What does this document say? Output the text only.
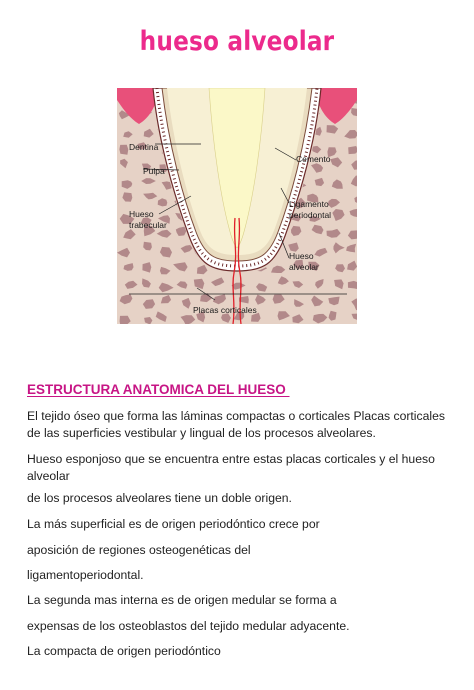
hueso alveolar
Dentina
Pulpa
Hueso
trabecular
Cemento
Ligamento
periodontal
Hueso
alveolar
Placas corticales
ESTRUCTURA ANATOMICA DEL HUESO
El tejido óseo que forma las láminas compactas o corticales Placas corticales de las superficies vestibular y lingual de los procesos alveolares.
Hueso esponjoso que se encuentra entre estas placas corticales y el hueso alveolar
de los procesos alveolares tiene un doble origen.
La más superficial es de origen periodóntico crece por
aposición de regiones osteogenéticas del
ligamentoperiodontal.
La segunda mas interna es de origen medular se forma a
expensas de los osteoblastos del tejido medular adyacente.
La compacta de origen periodóntico
